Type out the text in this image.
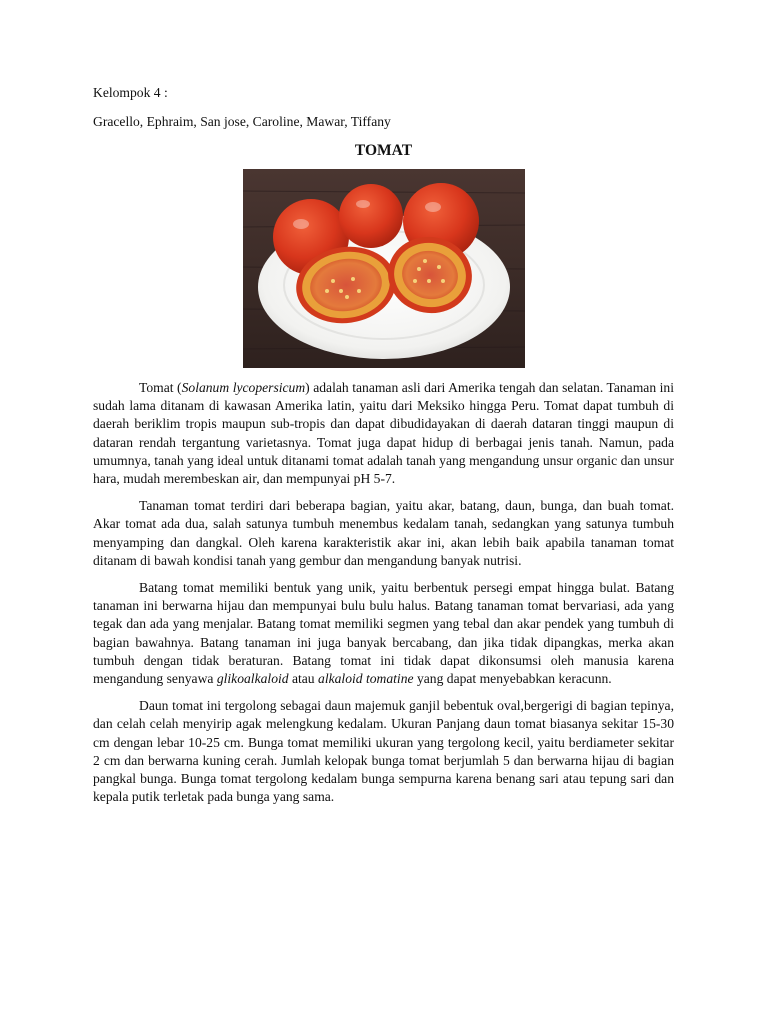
Kelompok 4 :
Gracello, Ephraim, San jose, Caroline, Mawar, Tiffany
TOMAT

Tomat (Solanum lycopersicum) adalah tanaman asli dari Amerika tengah dan selatan. Tanaman ini sudah lama ditanam di kawasan Amerika latin, yaitu dari Meksiko hingga Peru. Tomat dapat tumbuh di daerah beriklim tropis maupun sub-tropis dan dapat dibudidayakan di daerah dataran tinggi maupun di dataran rendah tergantung varietasnya. Tomat juga dapat hidup di berbagai jenis tanah. Namun, pada umumnya, tanah yang ideal untuk ditanami tomat adalah tanah yang mengandung unsur organic dan unsur hara, mudah merembeskan air, dan mempunyai pH 5-7.

Tanaman tomat terdiri dari beberapa bagian, yaitu akar, batang, daun, bunga, dan buah tomat. Akar tomat ada dua, salah satunya tumbuh menembus kedalam tanah, sedangkan yang satunya tumbuh menyamping dan dangkal. Oleh karena karakteristik akar ini, akan lebih baik apabila tanaman tomat ditanam di bawah kondisi tanah yang gembur dan mengandung banyak nutrisi.

Batang tomat memiliki bentuk yang unik, yaitu berbentuk persegi empat hingga bulat. Batang tanaman ini berwarna hijau dan mempunyai bulu bulu halus. Batang tanaman tomat bervariasi, ada yang tegak dan ada yang menjalar. Batang tomat memiliki segmen yang tebal dan akar pendek yang tumbuh di bagian bawahnya. Batang tanaman ini juga banyak bercabang, dan jika tidak dipangkas, merka akan tumbuh dengan tidak beraturan. Batang tomat ini tidak dapat dikonsumsi oleh manusia karena mengandung senyawa glikoalkaloid atau alkaloid tomatine yang dapat menyebabkan keracunn.

Daun tomat ini tergolong sebagai daun majemuk ganjil bebentuk oval,bergerigi di bagian tepinya, dan celah celah menyirip agak melengkung kedalam. Ukuran Panjang daun tomat biasanya sekitar 15-30 cm dengan lebar 10-25 cm. Bunga tomat memiliki ukuran yang tergolong kecil, yaitu berdiameter sekitar 2 cm dan berwarna kuning cerah. Jumlah kelopak bunga tomat berjumlah 5 dan berwarna hijau di bagian pangkal bunga. Bunga tomat tergolong kedalam bunga sempurna karena benang sari atau tepung sari dan kepala putik terletak pada bunga yang sama.
